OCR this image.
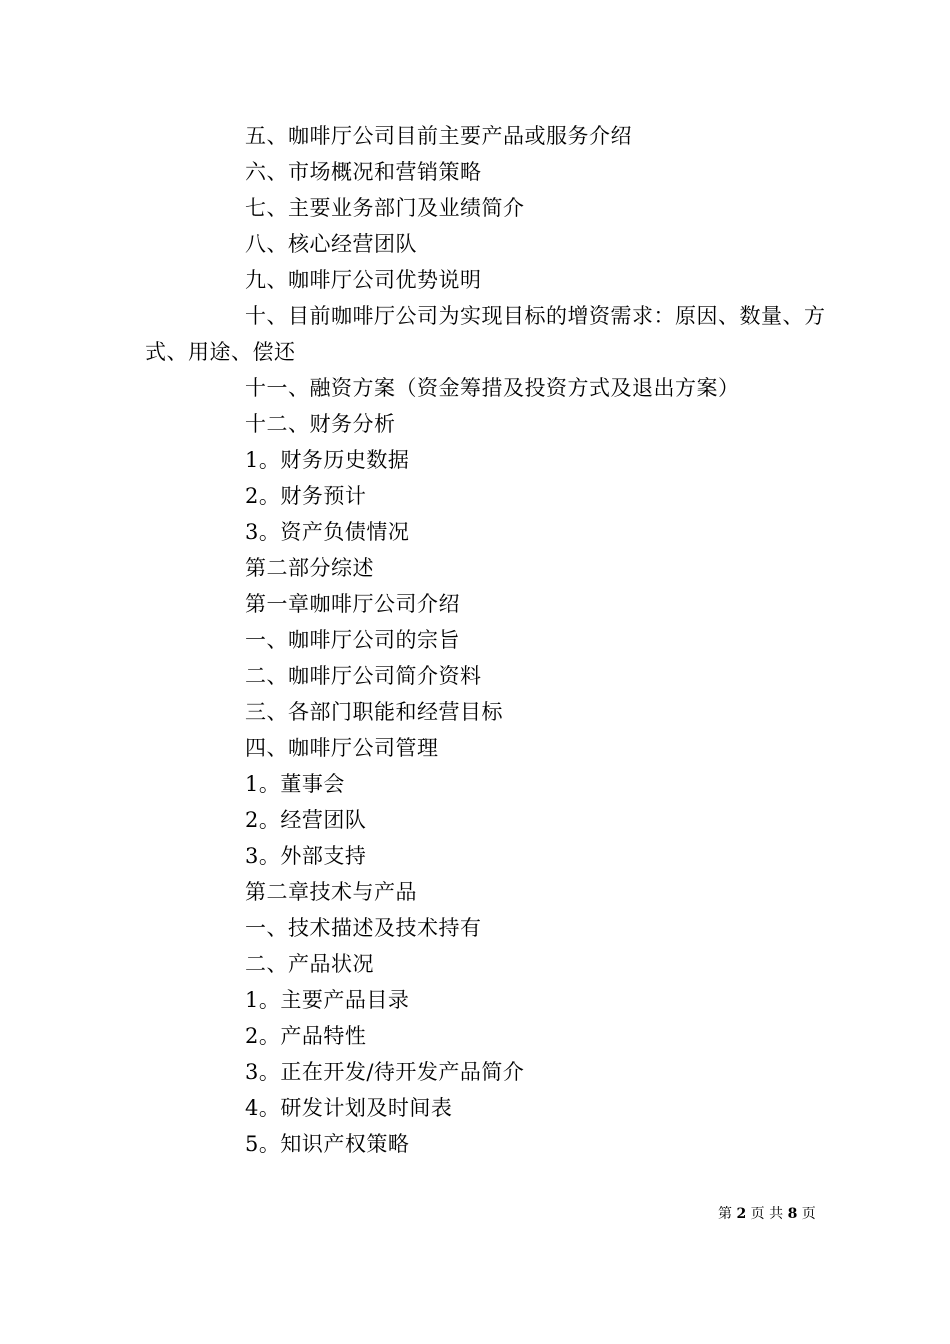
五、咖啡厅公司目前主要产品或服务介绍
六、市场概况和营销策略
七、主要业务部门及业绩简介
八、核心经营团队
九、咖啡厅公司优势说明
十、目前咖啡厅公司为实现目标的增资需求：原因、数量、方式、用途、偿还
十一、融资方案（资金筹措及投资方式及退出方案）
十二、财务分析
1。财务历史数据
2。财务预计
3。资产负债情况
第二部分综述
第一章咖啡厅公司介绍
一、咖啡厅公司的宗旨
二、咖啡厅公司简介资料
三、各部门职能和经营目标
四、咖啡厅公司管理
1。董事会
2。经营团队
3。外部支持
第二章技术与产品
一、技术描述及技术持有
二、产品状况
1。主要产品目录
2。产品特性
3。正在开发/待开发产品简介
4。研发计划及时间表
5。知识产权策略
第 2 页 共 8 页
